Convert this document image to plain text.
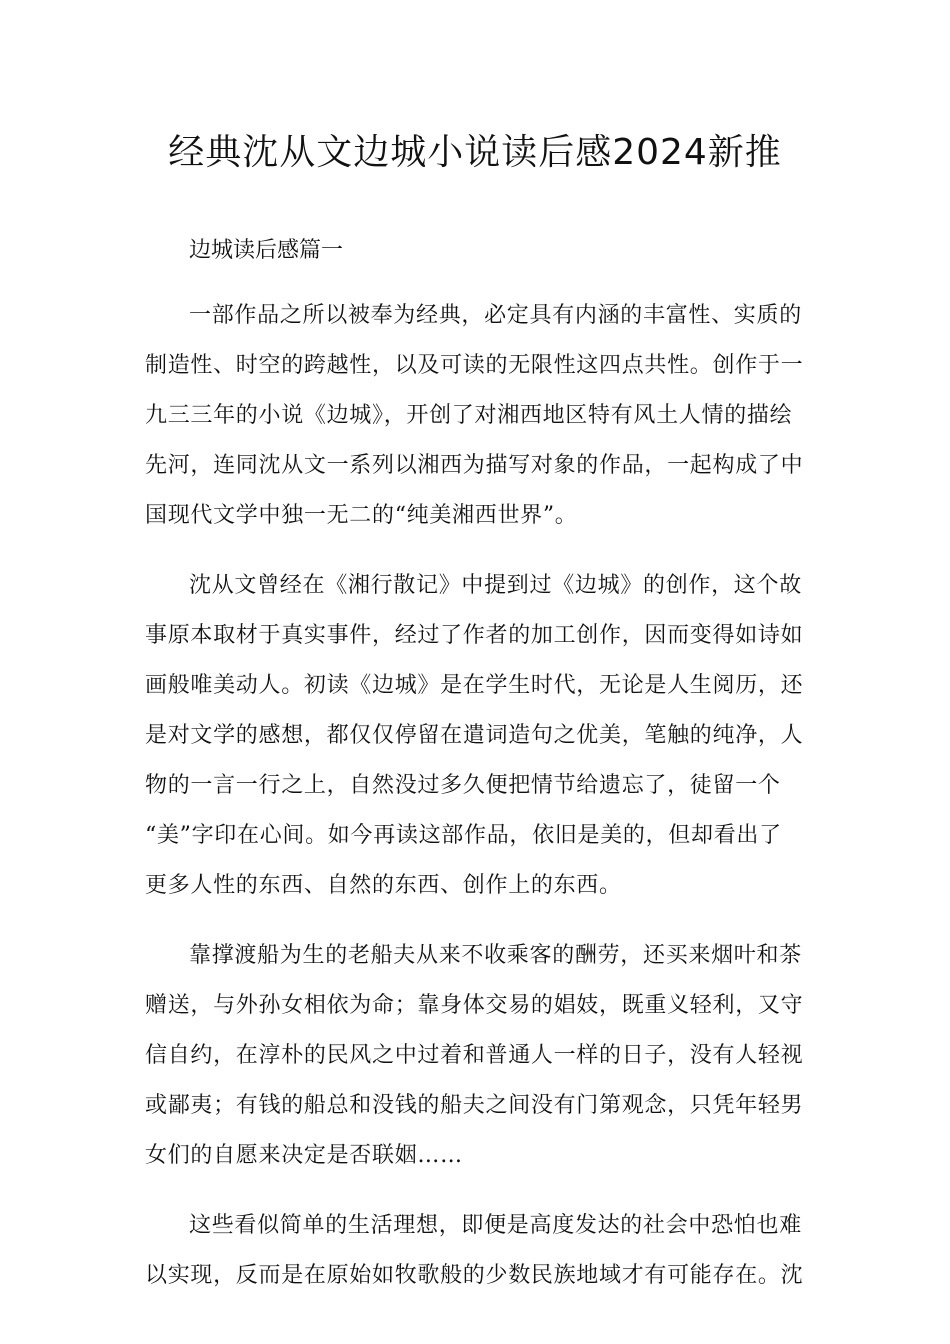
经典沈从文边城小说读后感2024新推
边城读后感篇一
一部作品之所以被奉为经典，必定具有内涵的丰富性、实质的
制造性、时空的跨越性，以及可读的无限性这四点共性。创作于一
九三三年的小说《边城》，开创了对湘西地区特有风土人情的描绘
先河，连同沈从文一系列以湘西为描写对象的作品，一起构成了中
国现代文学中独一无二的“纯美湘西世界”。
沈从文曾经在《湘行散记》中提到过《边城》的创作，这个故
事原本取材于真实事件，经过了作者的加工创作，因而变得如诗如
画般唯美动人。初读《边城》是在学生时代，无论是人生阅历，还
是对文学的感想，都仅仅停留在遣词造句之优美，笔触的纯净，人
物的一言一行之上，自然没过多久便把情节给遗忘了，徒留一个
“美”字印在心间。如今再读这部作品，依旧是美的，但却看出了
更多人性的东西、自然的东西、创作上的东西。
靠撑渡船为生的老船夫从来不收乘客的酬劳，还买来烟叶和茶
赠送，与外孙女相依为命；靠身体交易的娼妓，既重义轻利，又守
信自约，在淳朴的民风之中过着和普通人一样的日子，没有人轻视
或鄙夷；有钱的船总和没钱的船夫之间没有门第观念，只凭年轻男
女们的自愿来决定是否联姻……
这些看似简单的生活理想，即便是高度发达的社会中恐怕也难
以实现，反而是在原始如牧歌般的少数民族地域才有可能存在。沈
